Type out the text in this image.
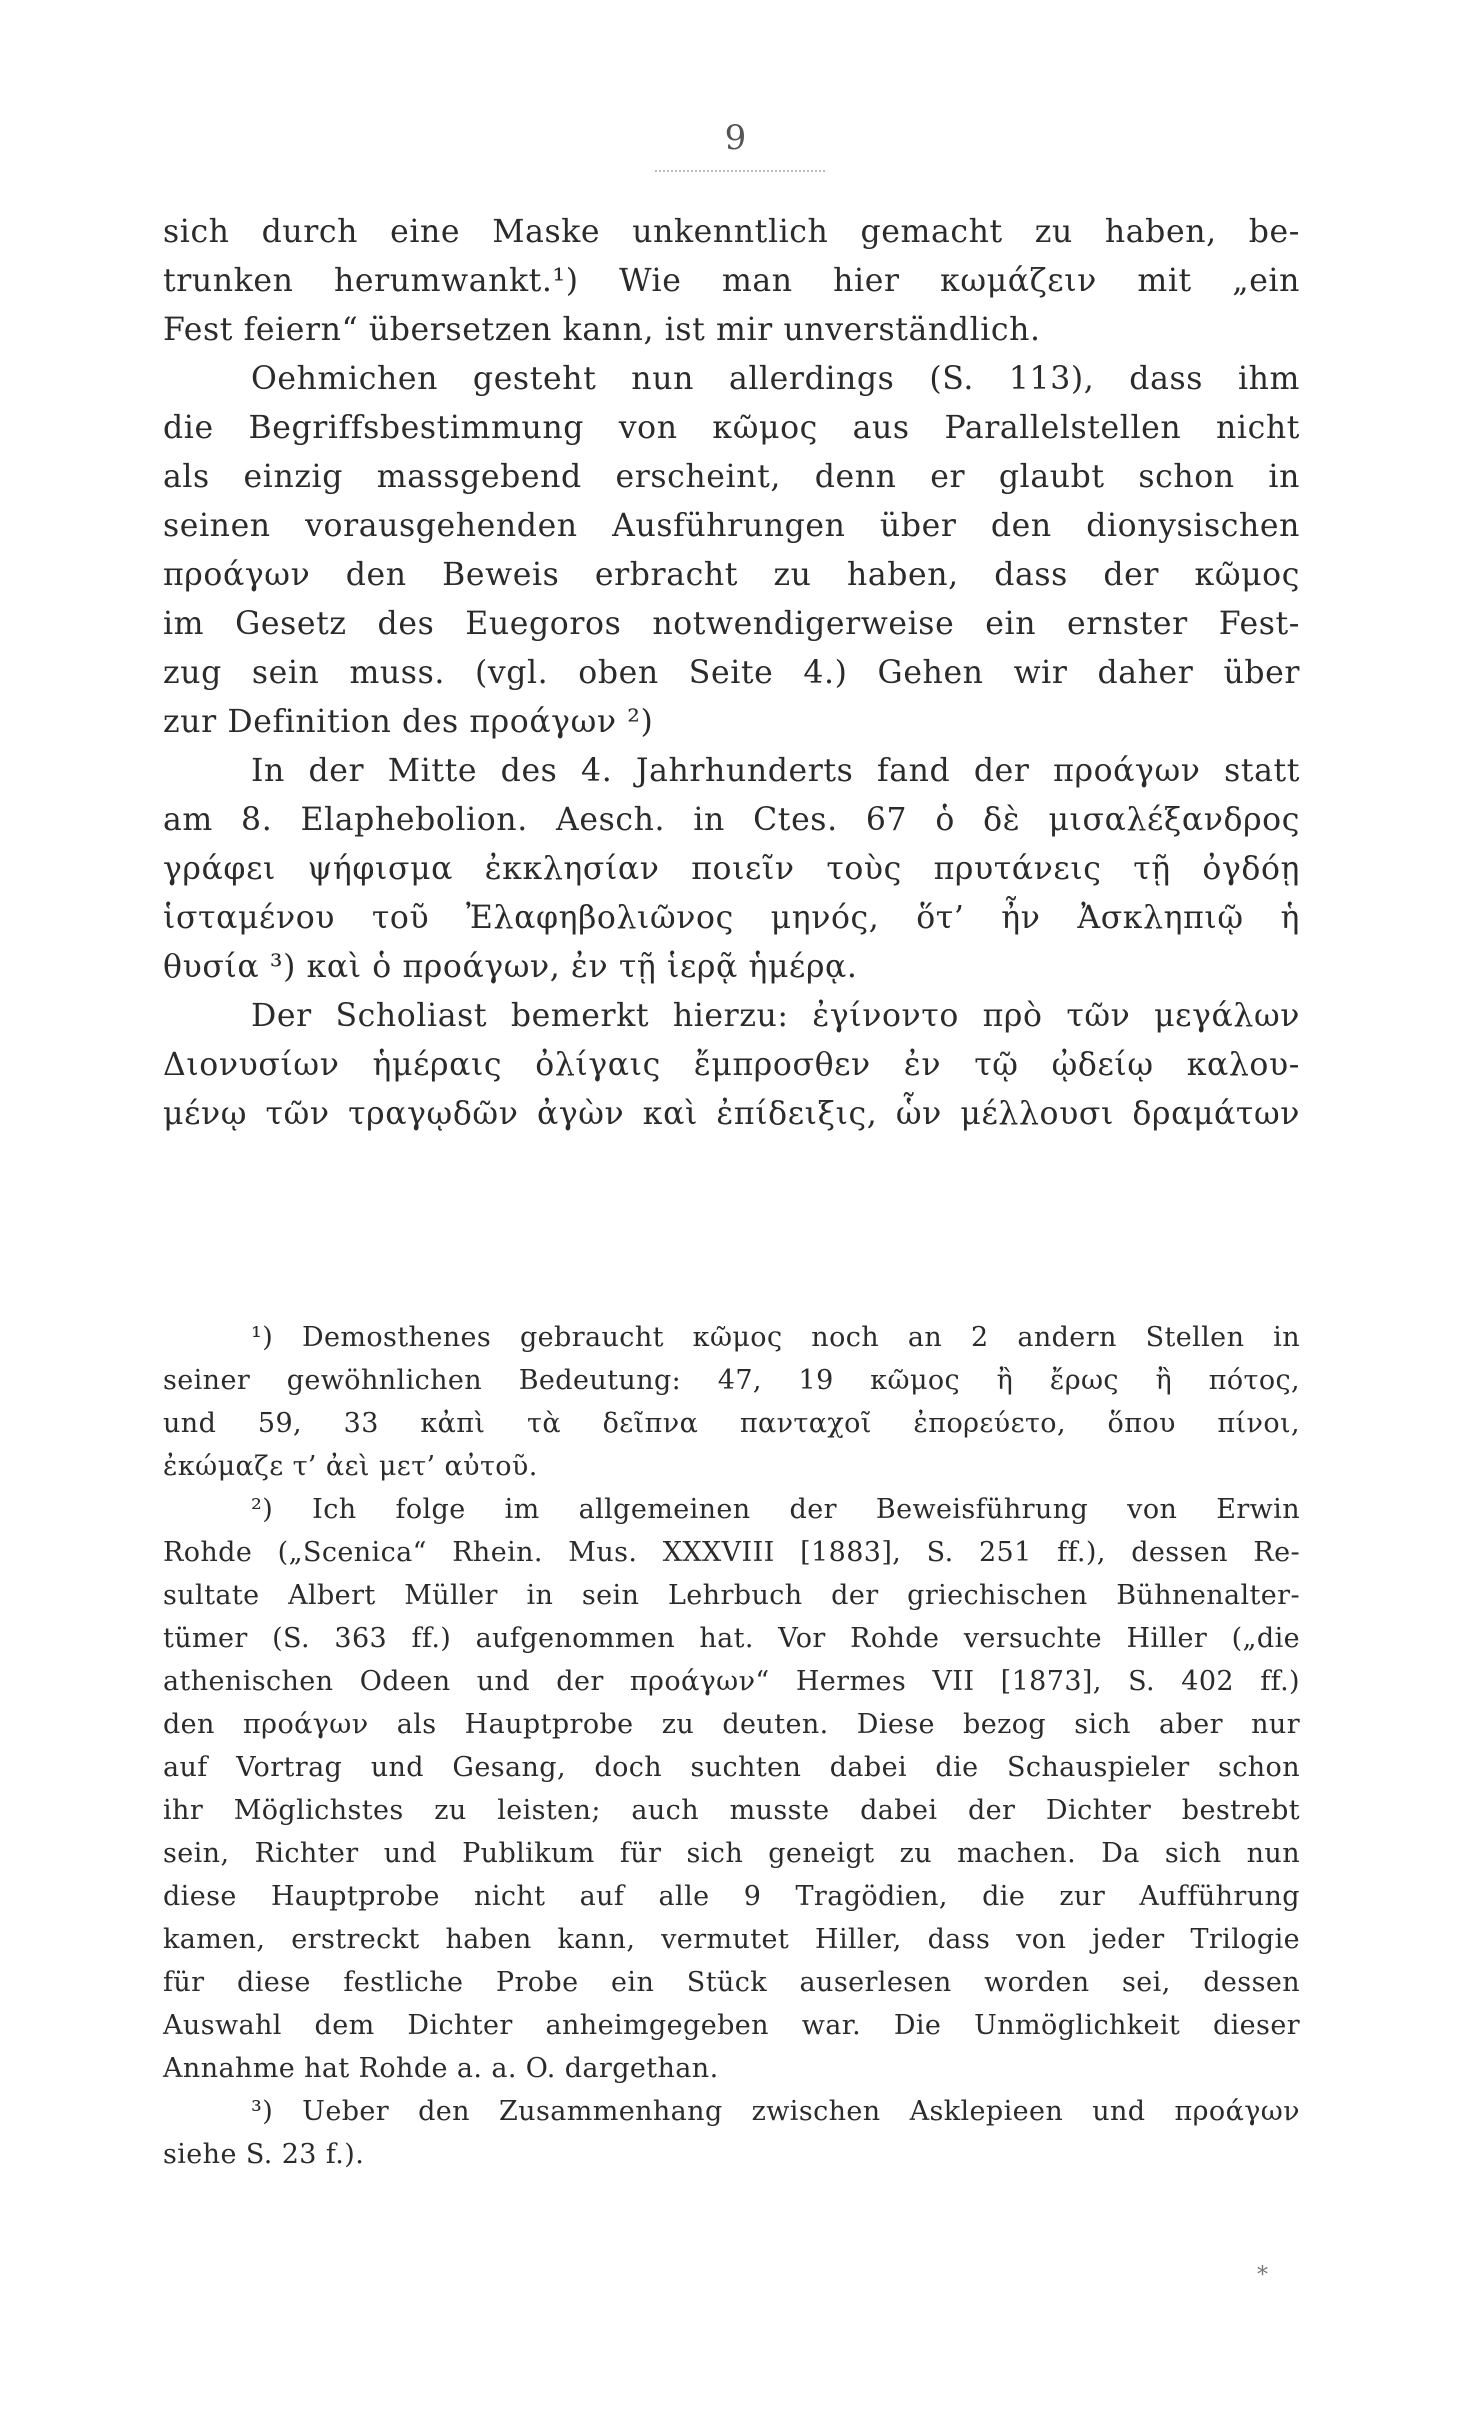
9
sich durch eine Maske unkenntlich gemacht zu haben, be-
trunken herumwankt.¹) Wie man hier κωμάζειν mit „ein
Fest feiern“ übersetzen kann, ist mir unverständlich.
Oehmichen gesteht nun allerdings (S. 113), dass ihm
die Begriffsbestimmung von κῶμος aus Parallelstellen nicht
als einzig massgebend erscheint, denn er glaubt schon in
seinen vorausgehenden Ausführungen über den dionysischen
προάγων den Beweis erbracht zu haben, dass der κῶμος
im Gesetz des Euegoros notwendigerweise ein ernster Fest-
zug sein muss. (vgl. oben Seite 4.) Gehen wir daher über
zur Definition des προάγων ²)
In der Mitte des 4. Jahrhunderts fand der προάγων statt
am 8. Elaphebolion. Aesch. in Ctes. 67 ὁ δὲ μισαλέξανδρος
γράφει ψήφισμα ἐκκλησίαν ποιεῖν τοὺς πρυτάνεις τῇ ὀγδόῃ
ἱσταμένου τοῦ Ἐλαφηβολιῶνος μηνός, ὅτ’ ἦν Ἀσκληπιῷ ἡ
θυσία ³) καὶ ὁ προάγων, ἐν τῇ ἱερᾷ ἡμέρᾳ.
Der Scholiast bemerkt hierzu: ἐγίνοντο πρὸ τῶν μεγάλων
Διονυσίων ἡμέραις ὀλίγαις ἔμπροσθεν ἐν τῷ ᾠδείῳ καλου-
μένῳ τῶν τραγῳδῶν ἀγὼν καὶ ἐπίδειξις, ὧν μέλλουσι δραμάτων
¹) Demosthenes gebraucht κῶμος noch an 2 andern Stellen in
seiner gewöhnlichen Bedeutung: 47, 19 κῶμος ἢ ἔρως ἢ πότος,
und 59, 33 κἀπὶ τὰ δεῖπνα πανταχοῖ ἐπορεύετο, ὅπου πίνοι,
ἐκώμαζε τ’ ἀεὶ μετ’ αὐτοῦ.
²) Ich folge im allgemeinen der Beweisführung von Erwin
Rohde („Scenica“ Rhein. Mus. XXXVIII [1883], S. 251 ff.), dessen Re-
sultate Albert Müller in sein Lehrbuch der griechischen Bühnenalter-
tümer (S. 363 ff.) aufgenommen hat. Vor Rohde versuchte Hiller („die
athenischen Odeen und der προάγων“ Hermes VII [1873], S. 402 ff.)
den προάγων als Hauptprobe zu deuten. Diese bezog sich aber nur
auf Vortrag und Gesang, doch suchten dabei die Schauspieler schon
ihr Möglichstes zu leisten; auch musste dabei der Dichter bestrebt
sein, Richter und Publikum für sich geneigt zu machen. Da sich nun
diese Hauptprobe nicht auf alle 9 Tragödien, die zur Aufführung
kamen, erstreckt haben kann, vermutet Hiller, dass von jeder Trilogie
für diese festliche Probe ein Stück auserlesen worden sei, dessen
Auswahl dem Dichter anheimgegeben war. Die Unmöglichkeit dieser
Annahme hat Rohde a. a. O. dargethan.
³) Ueber den Zusammenhang zwischen Asklepieen und προάγων
siehe S. 23 f.).
*
